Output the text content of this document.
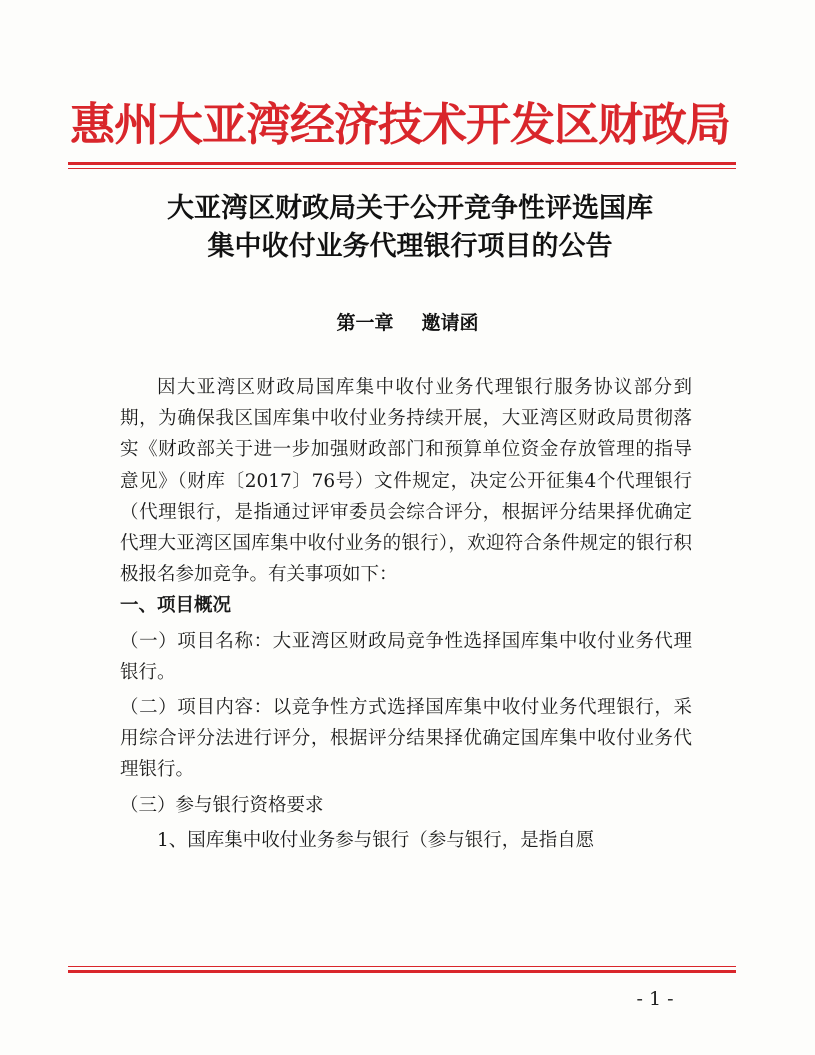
惠州大亚湾经济技术开发区财政局
大亚湾区财政局关于公开竞争性评选国库
集中收付业务代理银行项目的公告
第一章 邀请函

因大亚湾区财政局国库集中收付业务代理银行服务协议部分到期，为确保我区国库集中收付业务持续开展，大亚湾区财政局贯彻落实《财政部关于进一步加强财政部门和预算单位资金存放管理的指导意见》（财库〔2017〕76号）文件规定，决定公开征集4个代理银行（代理银行，是指通过评审委员会综合评分，根据评分结果择优确定代理大亚湾区国库集中收付业务的银行），欢迎符合条件规定的银行积极报名参加竞争。有关事项如下：

一、项目概况

（一）项目名称：大亚湾区财政局竞争性选择国库集中收付业务代理银行。

（二）项目内容：以竞争性方式选择国库集中收付业务代理银行，采用综合评分法进行评分，根据评分结果择优确定国库集中收付业务代理银行。

（三）参与银行资格要求

1、国库集中收付业务参与银行（参与银行，是指自愿

- 1 -
